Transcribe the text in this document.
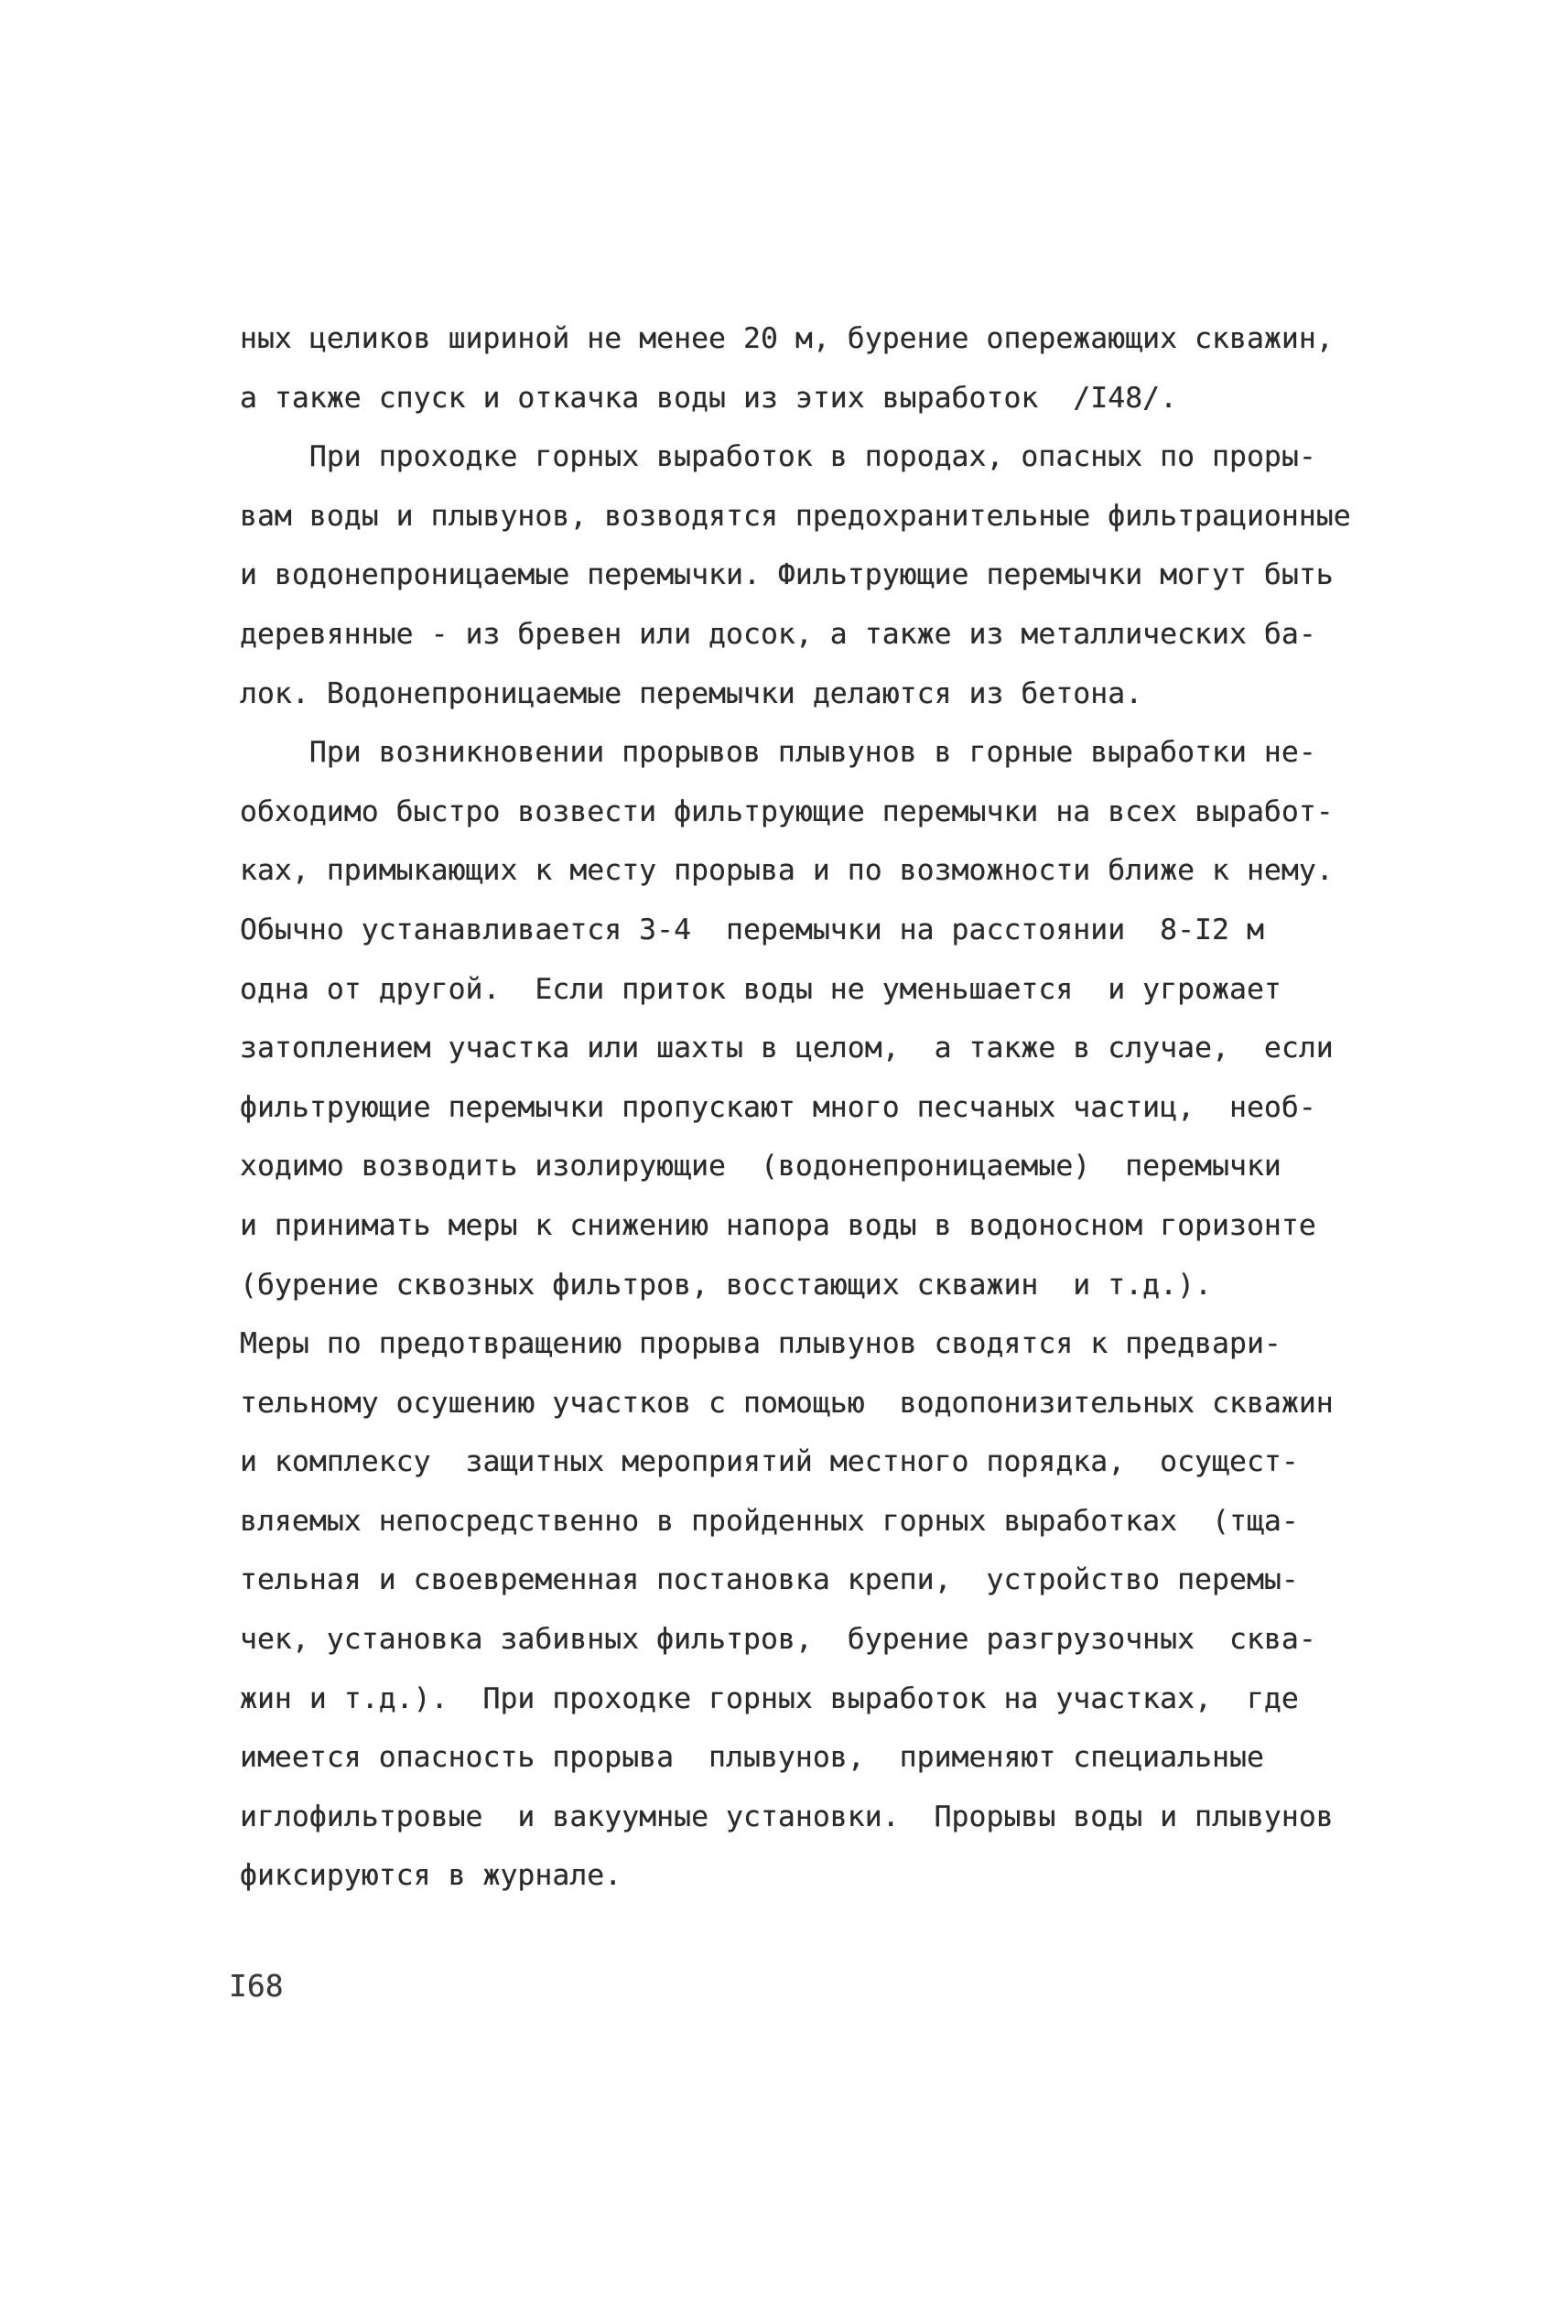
ных целиков шириной не менее 20 м, бурение опережающих скважин,
а также спуск и откачка воды из этих выработок  /I48/.
При проходке горных выработок в породах, опасных по проры-
вам воды и плывунов, возводятся предохранительные фильтрационные
и водонепроницаемые перемычки. Фильтрующие перемычки могут быть
деревянные - из бревен или досок, а также из металлических ба-
лок. Водонепроницаемые перемычки делаются из бетона.
При возникновении прорывов плывунов в горные выработки не-
обходимо быстро возвести фильтрующие перемычки на всех выработ-
ках, примыкающих к месту прорыва и по возможности ближе к нему.
Обычно устанавливается 3-4  перемычки на расстоянии  8-I2 м
одна от другой.  Если приток воды не уменьшается  и угрожает
затоплением участка или шахты в целом,  а также в случае,  если
фильтрующие перемычки пропускают много песчаных частиц,  необ-
ходимо возводить изолирующие  (водонепроницаемые)  перемычки
и принимать меры к снижению напора воды в водоносном горизонте
(бурение сквозных фильтров, восстающих скважин  и т.д.).
Меры по предотвращению прорыва плывунов сводятся к предвари-
тельному осушению участков с помощью  водопонизительных скважин
и комплексу  защитных мероприятий местного порядка,  осущест-
вляемых непосредственно в пройденных горных выработках  (тща-
тельная и своевременная постановка крепи,  устройство перемы-
чек, установка забивных фильтров,  бурение разгрузочных  сква-
жин и т.д.).  При проходке горных выработок на участках,  где
имеется опасность прорыва  плывунов,  применяют специальные
иглофильтровые  и вакуумные установки.  Прорывы воды и плывунов
фиксируются в журнале.
I68
